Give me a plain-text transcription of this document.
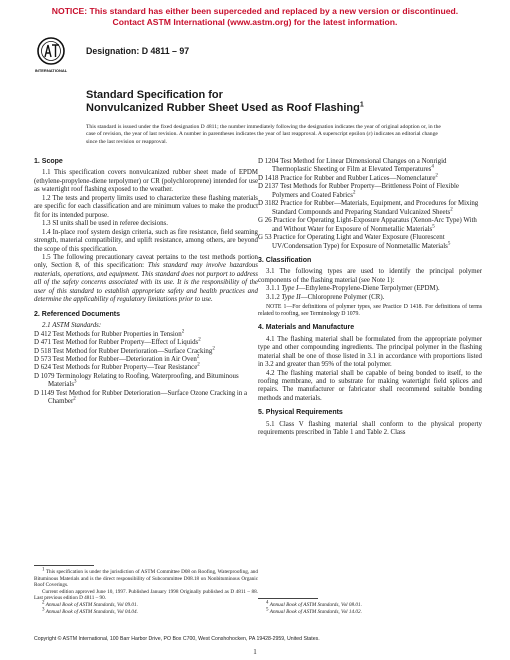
NOTICE: This standard has either been superceded and replaced by a new version or discontinued.
Contact ASTM International (www.astm.org) for the latest information.
INTERNATIONAL
Designation: D 4811 – 97
Standard Specification for
Nonvulcanized Rubber Sheet Used as Roof Flashing$^1$
This standard is issued under the fixed designation D 4811; the number immediately following the designation indicates the year of original adoption or, in the case of revision, the year of last revision. A number in parentheses indicates the year of last reapproval. A superscript epsilon (ε) indicates an editorial change since the last revision or reapproval.
1. Scope

1.1 This specification covers nonvulcanized rubber sheet made of EPDM (ethylene-propylene-diene terpolymer) or CR (polychloroprene) intended for use as watertight roof flashing exposed to the weather.

1.2 The tests and property limits used to characterize these flashing materials are specific for each classification and are minimum values to make the product fit for its intended purpose.

1.3 SI units shall be used in referee decisions.

1.4 In-place roof system design criteria, such as fire resistance, field seaming strength, material compatibility, and uplift resistance, among others, are beyond the scope of this specification.

1.5 The following precautionary caveat pertains to the test methods portion only, Section 8, of this specification: This standard may involve hazardous materials, operations, and equipment. This standard does not purport to address all of the safety concerns associated with its use. It is the responsibility of the user of this standard to establish appropriate safety and health practices and determine the applicability of regulatory limitations prior to use.

2. Referenced Documents

2.1 ASTM Standards:

D 412 Test Methods for Rubber Properties in Tension$^2$

D 471 Test Method for Rubber Property—Effect of Liquids$^2$

D 518 Test Method for Rubber Deterioration—Surface Cracking$^2$

D 573 Test Method for Rubber—Deterioration in Air Oven$^2$

D 624 Test Methods for Rubber Property—Tear Resistance$^2$

D 1079 Terminology Relating to Roofing, Waterproofing, and Bituminous Materials$^3$

D 1149 Test Method for Rubber Deterioration—Surface Ozone Cracking in a Chamber$^2$

$^1$ This specification is under the jurisdiction of ASTM Committee D08 on Roofing, Waterproofing, and Bituminous Materials and is the direct responsibility of Subcommittee D08.18 on Nonbituminous Organic Roof Coverings.

Current edition approved June 10, 1997. Published January 1998 Originally published as D 4811 – 88. Last previous edition D 4811 – 90.

$^2$ Annual Book of ASTM Standards, Vol 09.01.

$^3$ Annual Book of ASTM Standards, Vol 04.04.

D 1204 Test Method for Linear Dimensional Changes on a Nonrigid Thermoplastic Sheeting or Film at Elevated Temperatures$^4$

D 1418 Practice for Rubber and Rubber Latices—Nomenclature$^2$

D 2137 Test Methods for Rubber Property—Brittleness Point of Flexible Polymers and Coated Fabrics$^2$

D 3182 Practice for Rubber—Materials, Equipment, and Procedures for Mixing Standard Compounds and Preparing Standard Vulcanized Sheets$^2$

G 26 Practice for Operating Light-Exposure Apparatus (Xenon-Arc Type) With and Without Water for Exposure of Nonmetallic Materials$^5$

G 53 Practice for Operating Light and Water Exposure (Fluorescent UV/Condensation Type) for Exposure of Nonmetallic Materials$^5$

3. Classification

3.1 The following types are used to identify the principal polymer components of the flashing material (see Note 1):

3.1.1 Type I—Ethylene-Propylene-Diene Terpolymer (EPDM).

3.1.2 Type II—Chloroprene Polymer (CR).

NOTE 1—For definitions of polymer types, see Practice D 1418. For definitions of terms related to roofing, see Terminology D 1079.

4. Materials and Manufacture

4.1 The flashing material shall be formulated from the appropriate polymer type and other compounding ingredients. The principal polymer in the flashing material shall be one of those listed in 3.1 in accordance with proportions listed in 3.2 and greater than 95% of the total polymer.

4.2 The flashing material shall be capable of being bonded to itself, to the roofing membrane, and to substrate for making watertight field splices and repairs. The manufacturer or fabricator shall recommend suitable bonding methods and materials.

5. Physical Requirements

5.1 Class V flashing material shall conform to the physical property requirements prescribed in Table 1 and Table 2. Class

$^4$ Annual Book of ASTM Standards, Vol 08.01.

$^5$ Annual Book of ASTM Standards, Vol 14.02.

Copyright © ASTM International, 100 Barr Harbor Drive, PO Box C700, West Conshohocken, PA 19428-2959, United States.
1
